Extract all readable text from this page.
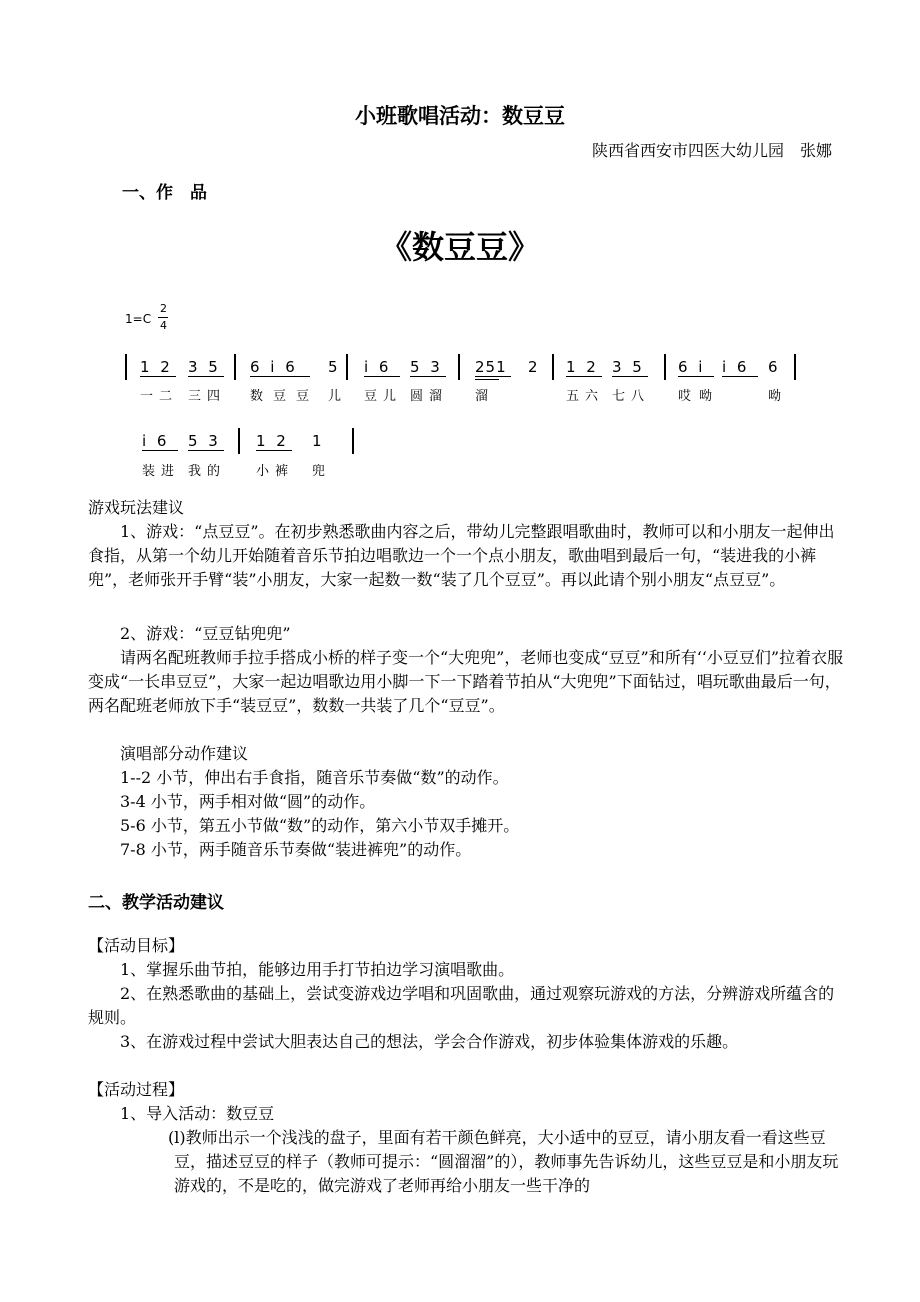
小班歌唱活动：数豆豆
陕西省西安市四医大幼儿园　张娜
一、作　品
《数豆豆》
1=C
2
4
1 2 3 5 6 i 6 5 i 6 5 3 251 2 1 2 3 5 6 i i 6 6
一二 三四 数豆豆 儿 豆儿 圆溜 溜	五六 七八 哎呦	呦
i 6 5 3	1 2 1
装进 我的 小裤 兜
游戏玩法建议
1、游戏：“点豆豆”。在初步熟悉歌曲内容之后，带幼儿完整跟唱歌曲时，教师可以和小朋友一起伸出食指，从第一个幼儿开始随着音乐节拍边唱歌边一个一个点小朋友，歌曲唱到最后一句，“装进我的小裤兜”，老师张开手臂“装”小朋友，大家一起数一数“装了几个豆豆”。再以此请个别小朋友“点豆豆”。
2、游戏：“豆豆钻兜兜”
请两名配班教师手拉手搭成小桥的样子变一个“大兜兜”，老师也变成“豆豆”和所有‘‘小豆豆们”拉着衣服变成“一长串豆豆”，大家一起边唱歌边用小脚一下一下踏着节拍从“大兜兜”下面钻过，唱玩歌曲最后一句，两名配班老师放下手“装豆豆”，数数一共装了几个“豆豆”。
演唱部分动作建议
1--2 小节，伸出右手食指，随音乐节奏做“数”的动作。
3-4 小节，两手相对做“圆”的动作。
5-6 小节，第五小节做“数”的动作，第六小节双手摊开。
7-8 小节，两手随音乐节奏做“装进裤兜”的动作。
二、教学活动建议
【活动目标】
1、掌握乐曲节拍，能够边用手打节拍边学习演唱歌曲。
2、在熟悉歌曲的基础上，尝试变游戏边学唱和巩固歌曲，通过观察玩游戏的方法，分辨游戏所蕴含的规则。
3、在游戏过程中尝试大胆表达自己的想法，学会合作游戏，初步体验集体游戏的乐趣。
【活动过程】
1、导入活动：数豆豆
(l)教师出示一个浅浅的盘子，里面有若干颜色鲜亮，大小适中的豆豆，请小朋友看一看这些豆豆，描述豆豆的样子（教师可提示：“圆溜溜”的），教师事先告诉幼儿，这些豆豆是和小朋友玩游戏的，不是吃的，做完游戏了老师再给小朋友一些干净的
